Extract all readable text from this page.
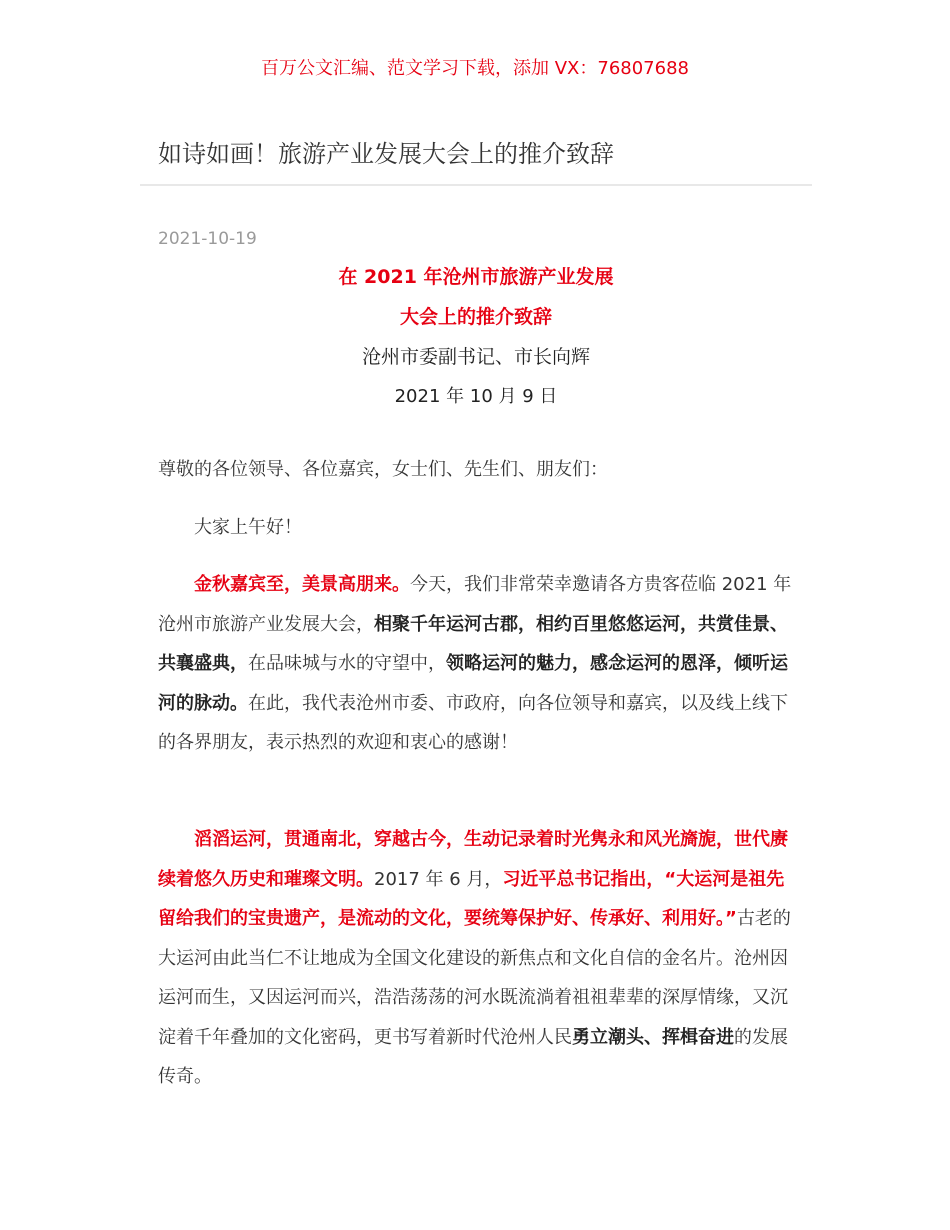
百万公文汇编、范文学习下载，添加 VX：76807688
如诗如画！旅游产业发展大会上的推介致辞
2021-10-19
在 2021 年沧州市旅游产业发展
大会上的推介致辞
沧州市委副书记、市长向辉
2021 年 10 月 9 日
尊敬的各位领导、各位嘉宾，女士们、先生们、朋友们：
大家上午好！

金秋嘉宾至，美景高朋来。今天，我们非常荣幸邀请各方贵客莅临 2021 年沧州市旅游产业发展大会，相聚千年运河古郡，相约百里悠悠运河，共赏佳景、共襄盛典，在品味城与水的守望中，领略运河的魅力，感念运河的恩泽，倾听运河的脉动。在此，我代表沧州市委、市政府，向各位领导和嘉宾，以及线上线下的各界朋友，表示热烈的欢迎和衷心的感谢！

滔滔运河，贯通南北，穿越古今，生动记录着时光隽永和风光旖旎，世代赓续着悠久历史和璀璨文明。2017 年 6 月，习近平总书记指出，“大运河是祖先留给我们的宝贵遗产，是流动的文化，要统筹保护好、传承好、利用好。”古老的大运河由此当仁不让地成为全国文化建设的新焦点和文化自信的金名片。沧州因运河而生，又因运河而兴，浩浩荡荡的河水既流淌着祖祖辈辈的深厚情缘，又沉淀着千年叠加的文化密码，更书写着新时代沧州人民勇立潮头、挥楫奋进的发展传奇。
